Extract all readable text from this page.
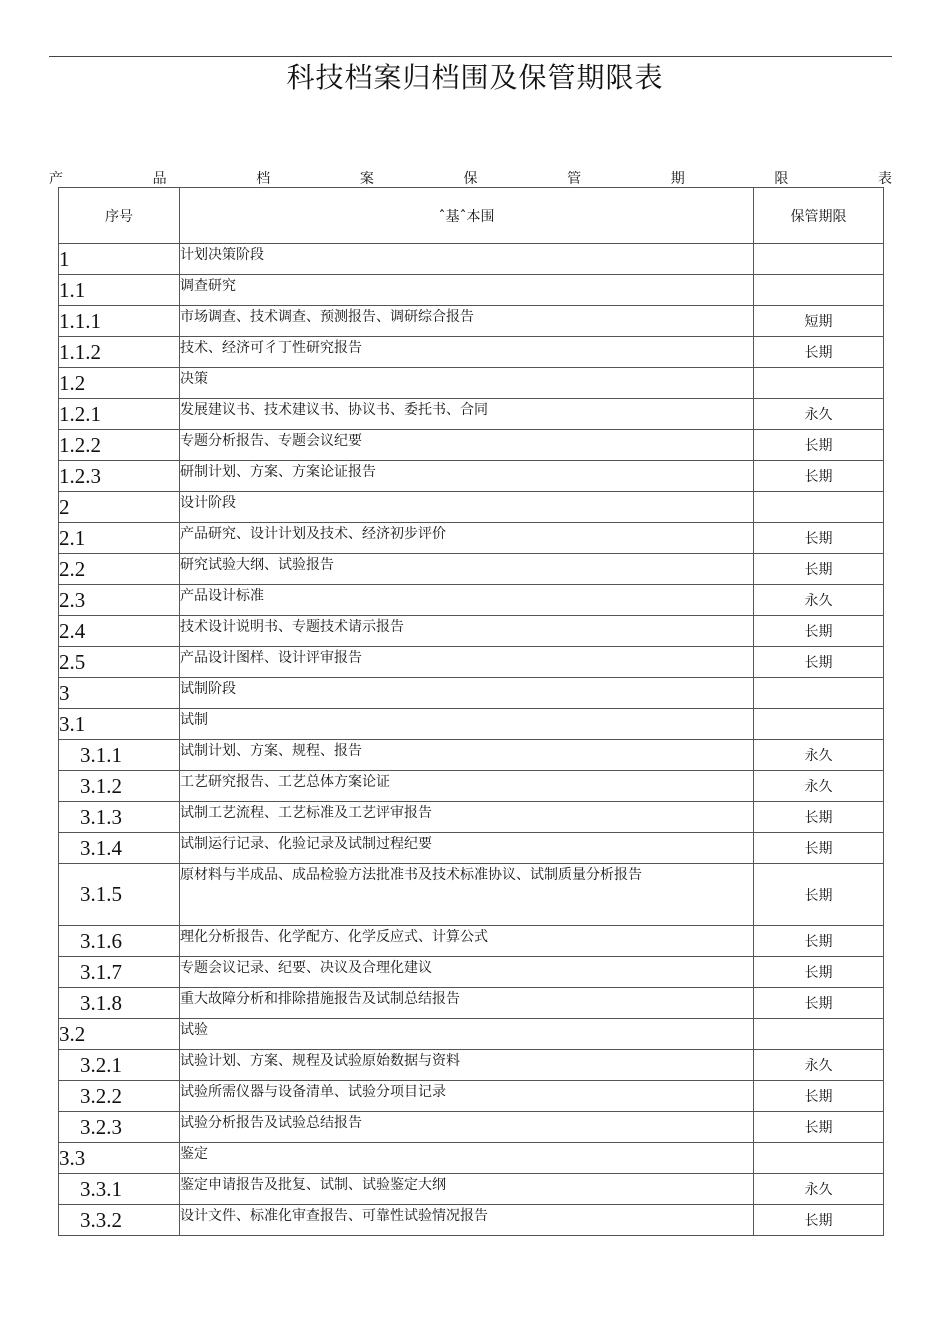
科技档案归档围及保管期限表
产	品	档	案	保	管	期	限	表
序号	ˆ基ˆ本围	保管期限
1	计划决策阶段	
1.1	调查研究	
1.1.1	市场调查、技术调查、预测报告、调研综合报告	短期
1.1.2	技术、经济可彳丁性研究报告	长期
1.2	决策	
1.2.1	发展建议书、技术建议书、协议书、委托书、合同	永久
1.2.2	专题分析报告、专题会议纪要	长期
1.2.3	研制计划、方案、方案论证报告	长期
2	设计阶段	
2.1	产品研究、设计计划及技术、经济初步评价	长期
2.2	研究试验大纲、试验报告	长期
2.3	产品设计标准	永久
2.4	技术设计说明书、专题技术请示报告	长期
2.5	产品设计图样、设计评审报告	长期
3	试制阶段	
3.1	试制	
3.1.1	试制计划、方案、规程、报告	永久
3.1.2	工艺研究报告、工艺总体方案论证	永久
3.1.3	试制工艺流程、工艺标准及工艺评审报告	长期
3.1.4	试制运行记录、化验记录及试制过程纪要	长期
3.1.5	原材料与半成品、成品检验方法批准书及技术标准协议、试制质量分析报告	长期
3.1.6	理化分析报告、化学配方、化学反应式、计算公式	长期
3.1.7	专题会议记录、纪要、决议及合理化建议	长期
3.1.8	重大故障分析和排除措施报告及试制总结报告	长期
3.2	试验	
3.2.1	试验计划、方案、规程及试验原始数据与资料	永久
3.2.2	试验所需仪器与设备清单、试验分项目记录	长期
3.2.3	试验分析报告及试验总结报告	长期
3.3	鉴定	
3.3.1	鉴定申请报告及批复、试制、试验鉴定大纲	永久
3.3.2	设计文件、标准化审查报告、可靠性试验情况报告	长期
